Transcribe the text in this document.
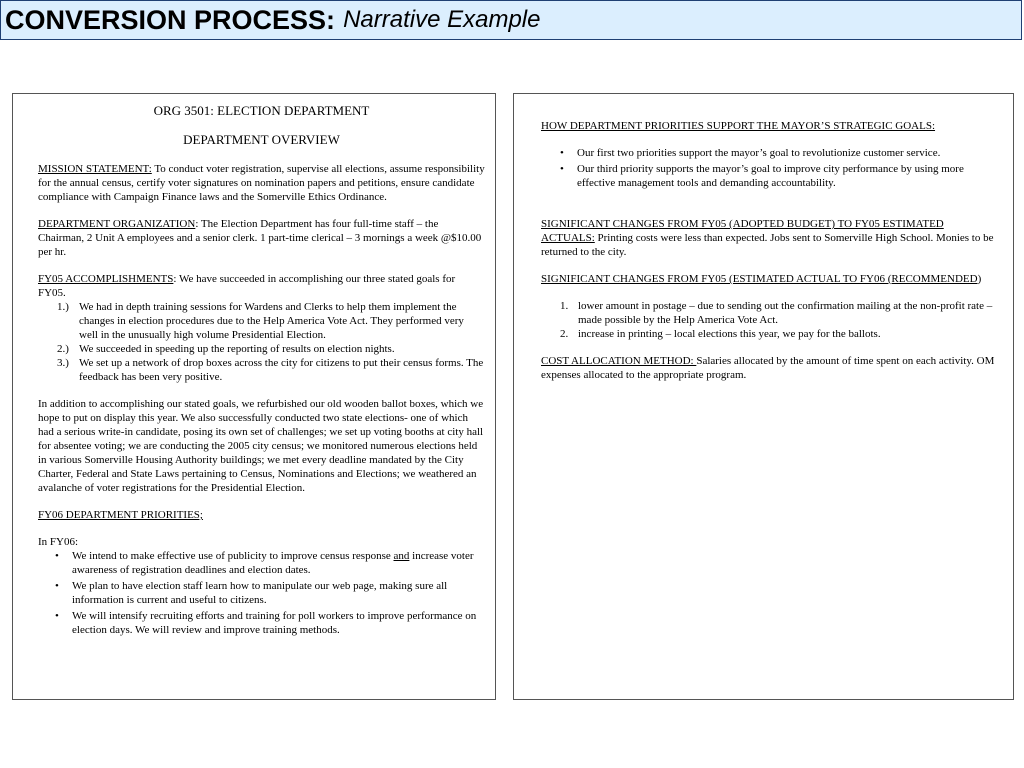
CONVERSION PROCESS: Narrative Example

ORG 3501: ELECTION DEPARTMENT

DEPARTMENT OVERVIEW

MISSION STATEMENT: To conduct voter registration, supervise all elections, assume responsibility for the annual census, certify voter signatures on nomination papers and petitions, ensure candidate compliance with Campaign Finance laws and the Somerville Ethics Ordinance.

DEPARTMENT ORGANIZATION: The Election Department has four full-time staff – the Chairman, 2 Unit A employees and a senior clerk. 1 part-time clerical – 3 mornings a week @$10.00 per hr.

FY05 ACCOMPLISHMENTS: We have succeeded in accomplishing our three stated goals for FY05.

1.) We had in depth training sessions for Wardens and Clerks to help them implement the changes in election procedures due to the Help America Vote Act. They performed very well in the unusually high volume Presidential Election.
2.) We succeeded in speeding up the reporting of results on election nights.
3.) We set up a network of drop boxes across the city for citizens to put their census forms. The feedback has been very positive.

In addition to accomplishing our stated goals, we refurbished our old wooden ballot boxes, which we hope to put on display this year. We also successfully conducted two state elections- one of which had a serious write-in candidate, posing its own set of challenges; we set up voting booths at city hall for absentee voting; we are conducting the 2005 city census; we monitored numerous elections held in various Somerville Housing Authority buildings; we met every deadline mandated by the City Charter, Federal and State Laws pertaining to Census, Nominations and Elections; we weathered an avalanche of voter registrations for the Presidential Election.

FY06 DEPARTMENT PRIORITIES;

In FY06:

•	We intend to make effective use of publicity to improve census response and increase voter awareness of registration deadlines and election dates.
•	We plan to have election staff learn how to manipulate our web page, making sure all information is current and useful to citizens.
•	We will intensify recruiting efforts and training for poll workers to improve performance on election days. We will review and improve training methods.

HOW DEPARTMENT PRIORITIES SUPPORT THE MAYOR’S STRATEGIC GOALS:

•	Our first two priorities support the mayor’s goal to revolutionize customer service.
•	Our third priority supports the mayor’s goal to improve city performance by using more effective management tools and demanding accountability.

SIGNIFICANT CHANGES FROM FY05 (ADOPTED BUDGET) TO FY05 ESTIMATED ACTUALS: Printing costs were less than expected. Jobs sent to Somerville High School. Monies to be returned to the city.

SIGNIFICANT CHANGES FROM FY05 (ESTIMATED ACTUAL TO FY06 (RECOMMENDED)

1. lower amount in postage – due to sending out the confirmation mailing at the non-profit rate – made possible by the Help America Vote Act.
2. increase in printing – local elections this year, we pay for the ballots.

COST ALLOCATION METHOD: Salaries allocated by the amount of time spent on each activity. OM expenses allocated to the appropriate program.
